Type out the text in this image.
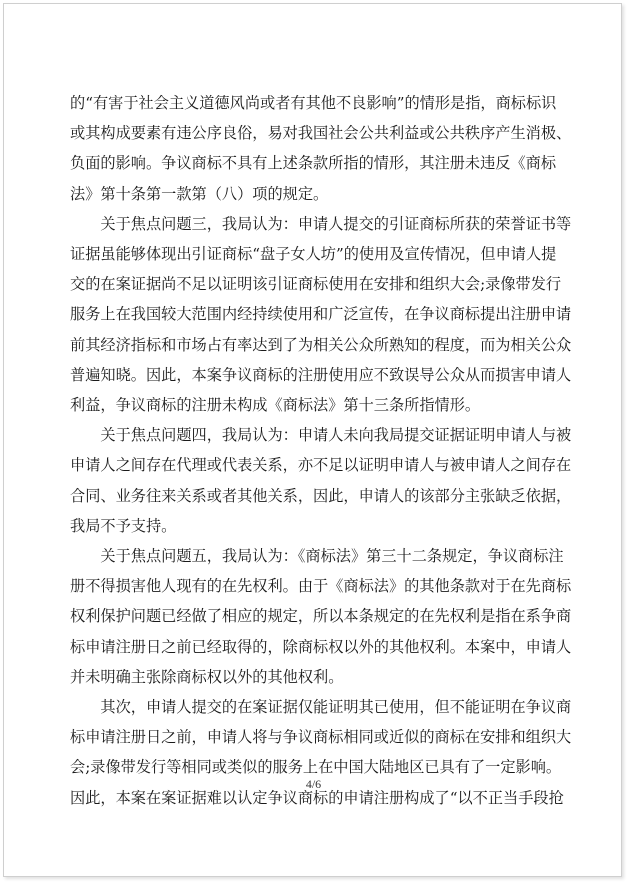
的“有害于社会主义道德风尚或者有其他不良影响”的情形是指，商标标识
或其构成要素有违公序良俗，易对我国社会公共利益或公共秩序产生消极、
负面的影响。争议商标不具有上述条款所指的情形，其注册未违反《商标
法》第十条第一款第（八）项的规定。

关于焦点问题三，我局认为：申请人提交的引证商标所获的荣誉证书等
证据虽能够体现出引证商标“盘子女人坊”的使用及宣传情况，但申请人提
交的在案证据尚不足以证明该引证商标使用在安排和组织大会;录像带发行
服务上在我国较大范围内经持续使用和广泛宣传，在争议商标提出注册申请
前其经济指标和市场占有率达到了为相关公众所熟知的程度，而为相关公众
普遍知晓。因此，本案争议商标的注册使用应不致误导公众从而损害申请人
利益，争议商标的注册未构成《商标法》第十三条所指情形。

关于焦点问题四，我局认为：申请人未向我局提交证据证明申请人与被
申请人之间存在代理或代表关系，亦不足以证明申请人与被申请人之间存在
合同、业务往来关系或者其他关系，因此，申请人的该部分主张缺乏依据，
我局不予支持。

关于焦点问题五，我局认为：《商标法》第三十二条规定，争议商标注
册不得损害他人现有的在先权利。由于《商标法》的其他条款对于在先商标
权利保护问题已经做了相应的规定，所以本条规定的在先权利是指在系争商
标申请注册日之前已经取得的，除商标权以外的其他权利。本案中，申请人
并未明确主张除商标权以外的其他权利。

其次，申请人提交的在案证据仅能证明其已使用，但不能证明在争议商
标申请注册日之前，申请人将与争议商标相同或近似的商标在安排和组织大
会;录像带发行等相同或类似的服务上在中国大陆地区已具有了一定影响。
因此，本案在案证据难以认定争议商标的申请注册构成了“以不正当手段抢

4/6
